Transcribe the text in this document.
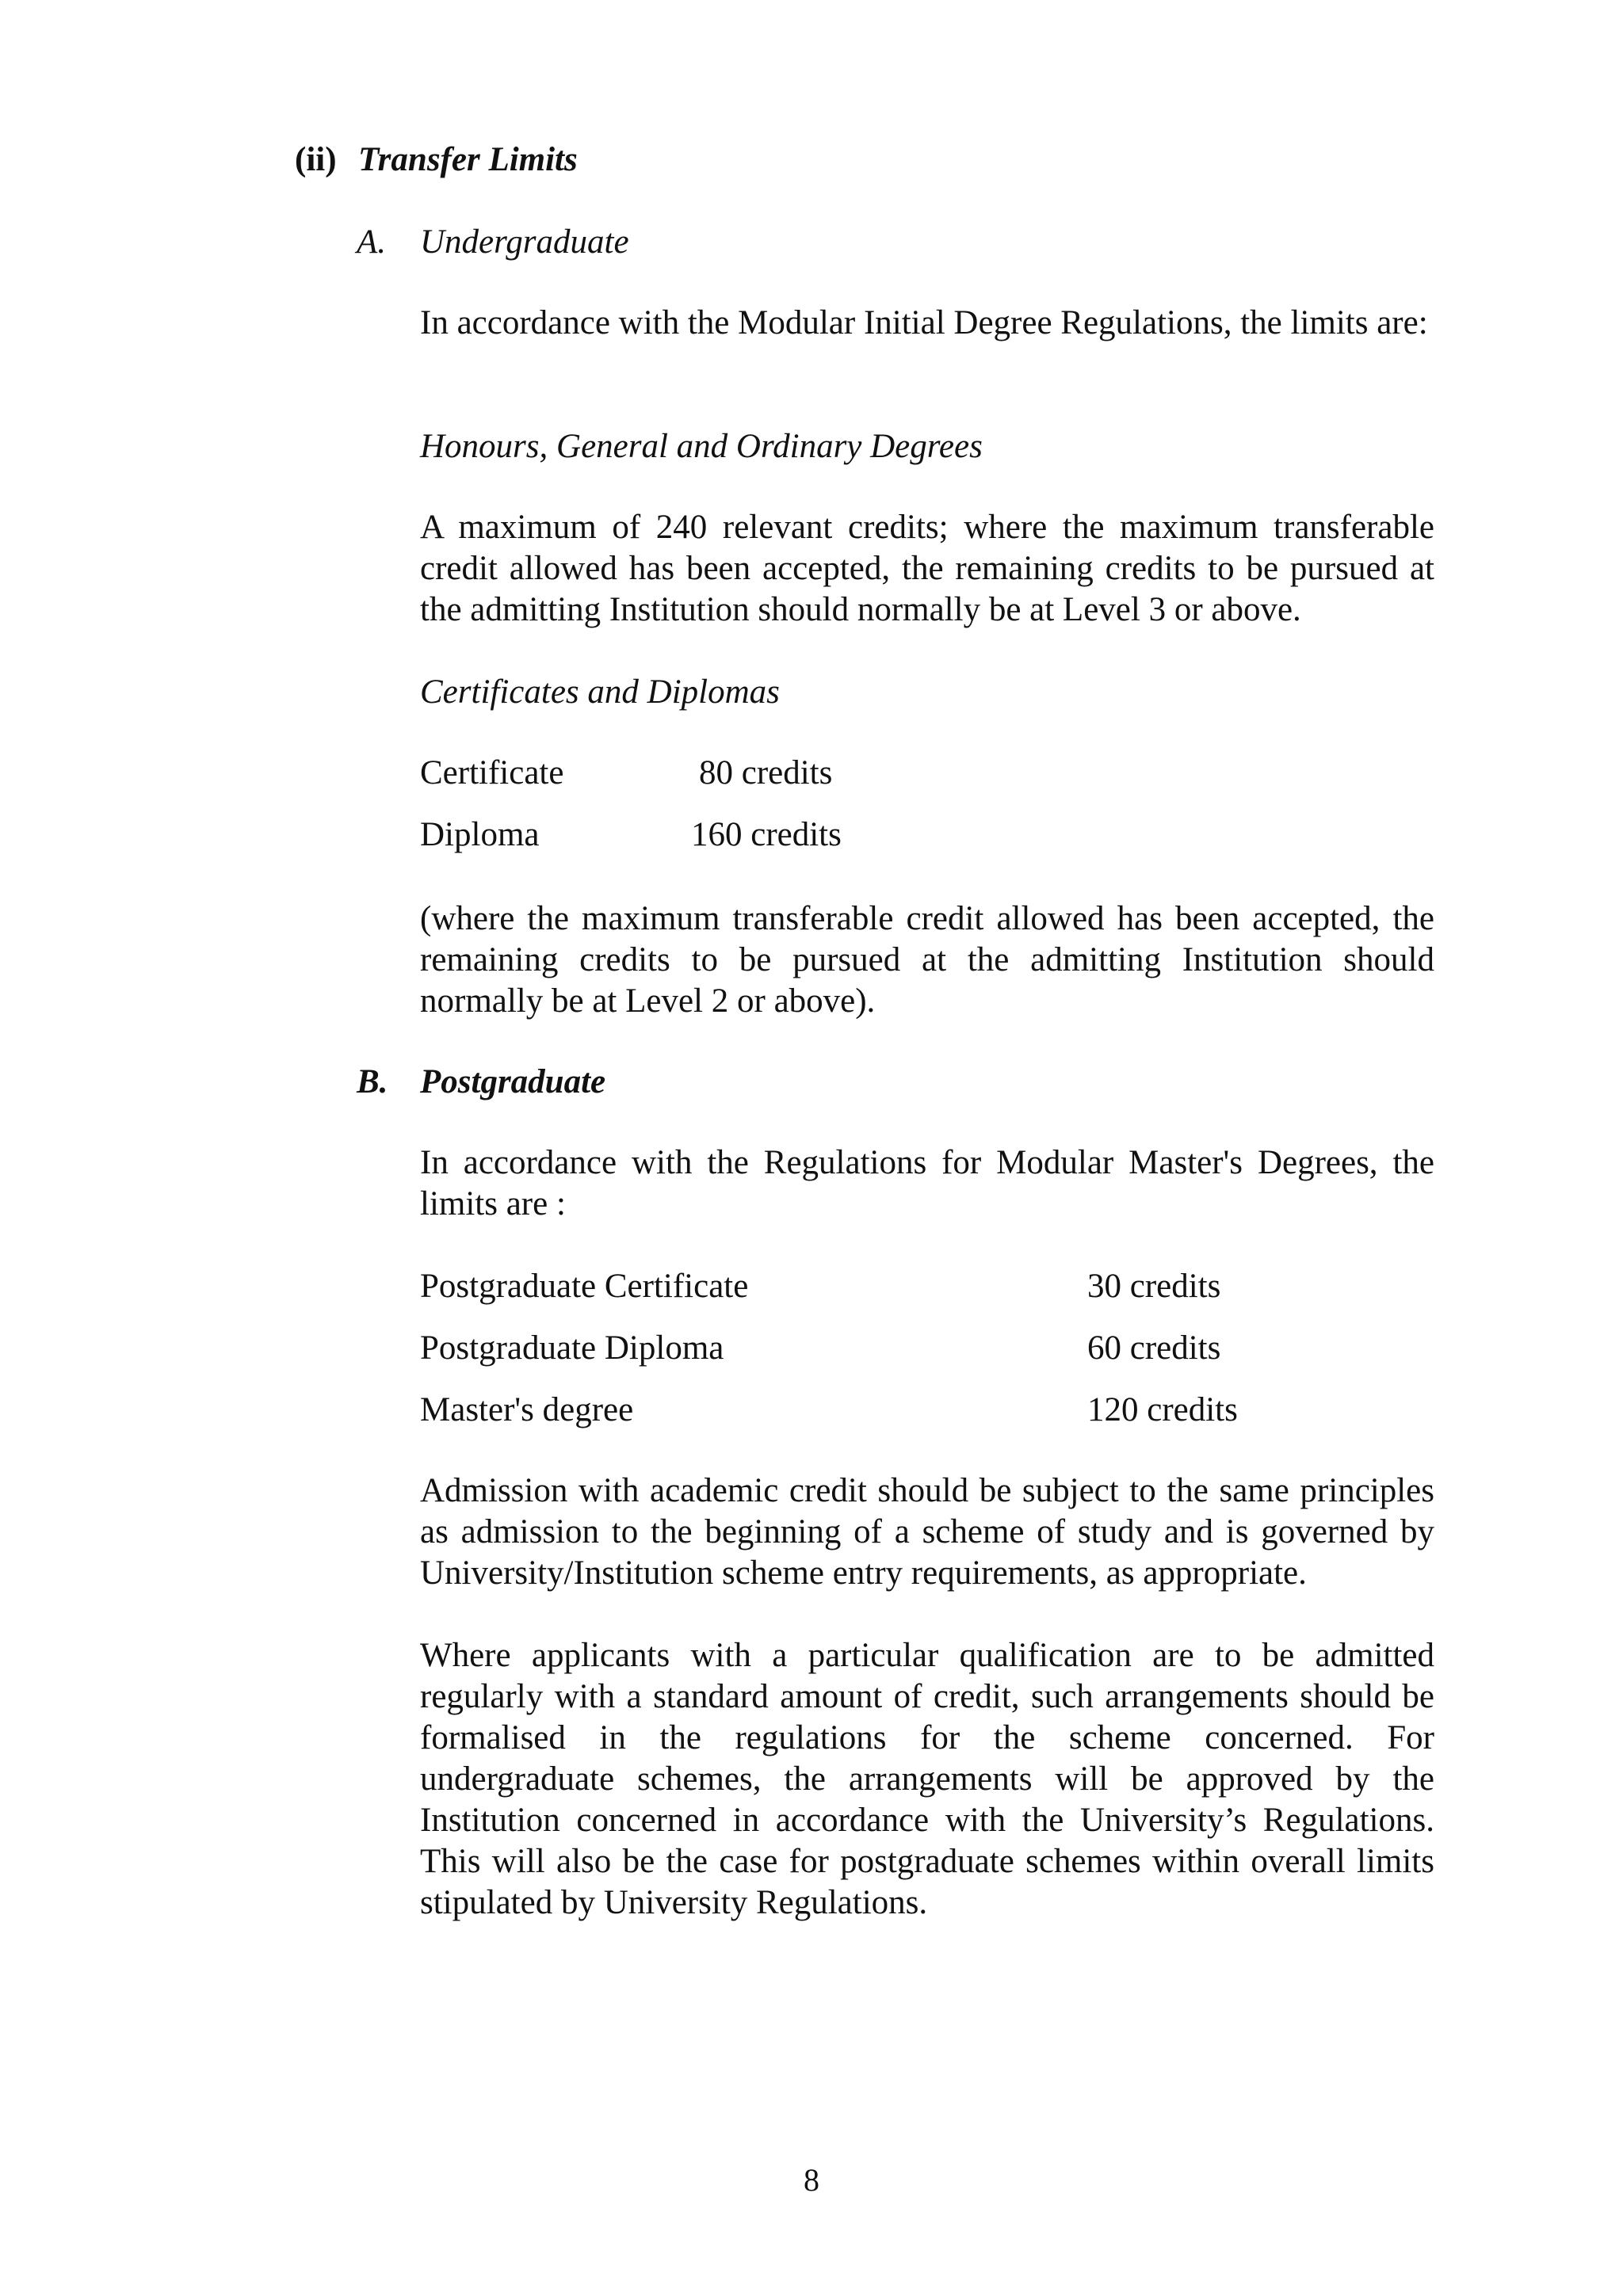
(ii) Transfer Limits
A. Undergraduate

In accordance with the Modular Initial Degree Regulations, the limits are:

Honours, General and Ordinary Degrees

A maximum of 240 relevant credits; where the maximum transferable credit allowed has been accepted, the remaining credits to be pursued at the admitting Institution should normally be at Level 3 or above.

Certificates and Diplomas
Certificate	80 credits
Diploma	160 credits

(where the maximum transferable credit allowed has been accepted, the remaining credits to be pursued at the admitting Institution should normally be at Level 2 or above).

B. Postgraduate

In accordance with the Regulations for Modular Master's Degrees, the limits are :

Postgraduate Certificate	30 credits
Postgraduate Diploma	60 credits
Master's degree	120 credits

Admission with academic credit should be subject to the same principles as admission to the beginning of a scheme of study and is governed by University/Institution scheme entry requirements, as appropriate.

Where applicants with a particular qualification are to be admitted regularly with a standard amount of credit, such arrangements should be formalised in the regulations for the scheme concerned. For undergraduate schemes, the arrangements will be approved by the Institution concerned in accordance with the University’s Regulations. This will also be the case for postgraduate schemes within overall limits stipulated by University Regulations.

8
